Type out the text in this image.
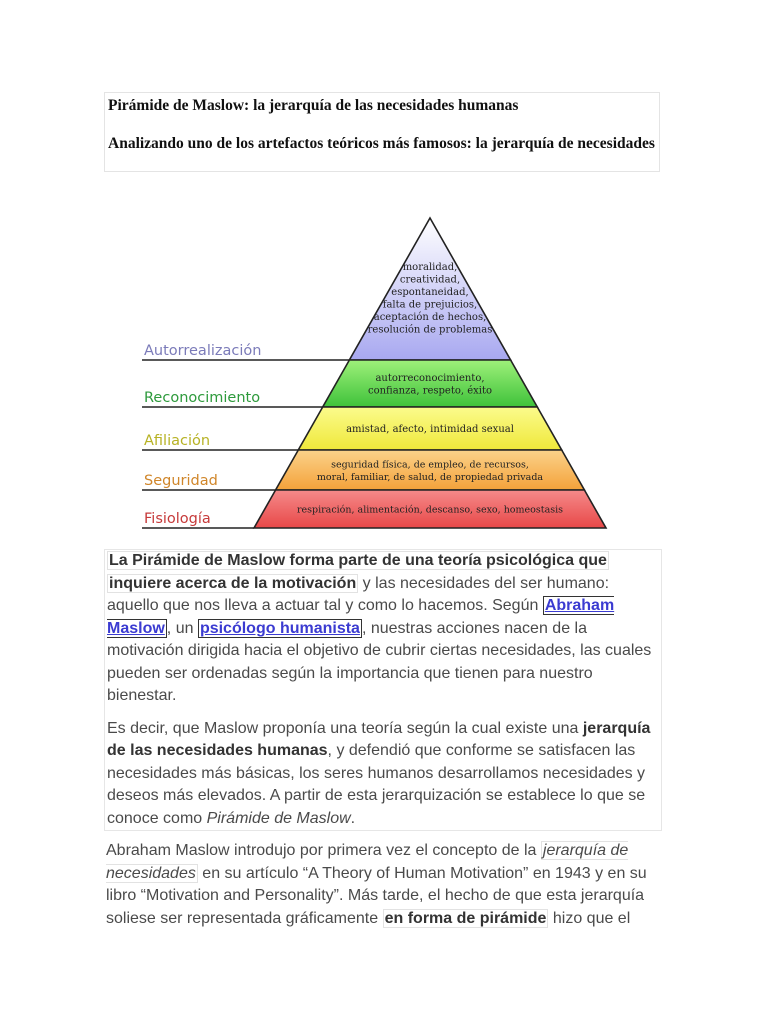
Pirámide de Maslow: la jerarquía de las necesidades humanas

Analizando uno de los artefactos teóricos más famosos: la jerarquía de necesidades

moralidad,
creatividad,
espontaneidad,
falta de prejuicios,
aceptación de hechos,
resolución de problemas
autorreconocimiento,
confianza, respeto, éxito
amistad, afecto, intimidad sexual
seguridad física, de empleo, de recursos,
moral, familiar, de salud, de propiedad privada
respiración, alimentación, descanso, sexo, homeostasis
Autorrealización
Reconocimiento
Afiliación
Seguridad
Fisiología

La Pirámide de Maslow forma parte de una teoría psicológica que inquiere acerca de la motivación y las necesidades del ser humano: aquello que nos lleva a actuar tal y como lo hacemos. Según Abraham Maslow , un psicólogo humanista , nuestras acciones nacen de la motivación dirigida hacia el objetivo de cubrir ciertas necesidades, las cuales pueden ser ordenadas según la importancia que tienen para nuestro bienestar.

Es decir, que Maslow proponía una teoría según la cual existe una jerarquía de las necesidades humanas, y defendió que conforme se satisfacen las necesidades más básicas, los seres humanos desarrollamos necesidades y deseos más elevados. A partir de esta jerarquización se establece lo que se conoce como Pirámide de Maslow.

Abraham Maslow introdujo por primera vez el concepto de la jerarquía de necesidades en su artículo “A Theory of Human Motivation” en 1943 y en su libro “Motivation and Personality”. Más tarde, el hecho de que esta jerarquía soliese ser representada gráficamente en forma de pirámide hizo que el
